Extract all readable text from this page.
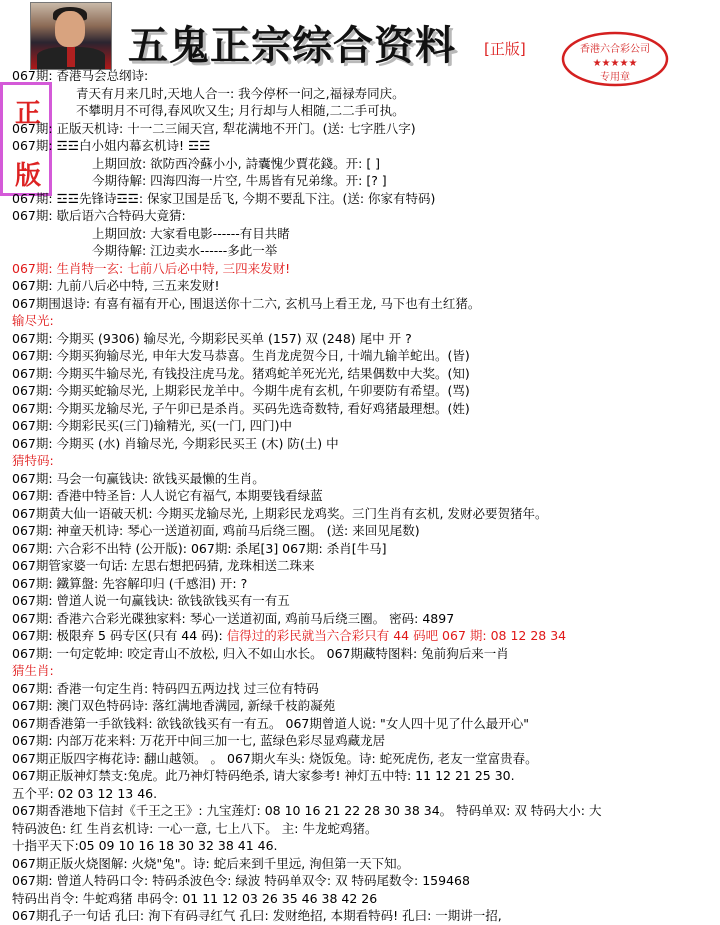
五鬼正宗综合资料 [正版]	香港六合彩公司
★★★★★
专用章
正
版
067期: 香港马会总纲诗:
青天有月来几时,天地人合一: 我今停杯一问之,福禄寿同庆。
不攀明月不可得,春风吹又生; 月行却与人相随,二二手可执。
067期: 正版天机诗: 十一二三闹天宫, 犁花满地不开门。(送: 七字胜八字)
067期: ☲☲白小姐内幕玄机诗! ☲☲
上期回放: 欲防西冷蘇小小, 詩囊愧少賈花錢。开: [ ]
今期待解: 四海四海一片空, 牛馬皆有兄弟缘。开: [? ]
067期: ☲☲先锋诗☲☲: 保家卫国是岳飞, 今期不要乱下注。(送: 你家有特码)
067期: 歇后语六合特码大竟猜:
上期回放: 大家看电影------有目共睹
今期待解: 江边卖水------多此一举
067期: 生肖特一玄: 七前八后必中特, 三四来发财!
067期: 九前八后必中特, 三五来发财!
067期围退诗: 有喜有福有开心, 围退送你十二六, 玄机马上看王龙, 马下也有土红猪。
输尽光:
067期: 今期买 (9306) 输尽光, 今期彩民买单 (157) 双 (248) 尾中 开 ?
067期: 今期买狗输尽光, 申年大发马恭喜。生肖龙虎贺今日, 十端九输羊蛇出。(皆)
067期: 今期买牛输尽光, 有钱投注虎马龙。猪鸡蛇羊死光光, 结果偶数中大奖。(知)
067期: 今期买蛇输尽光, 上期彩民龙羊中。今期牛虎有玄机, 午卯要防有希望。(骂)
067期: 今期买龙输尽光, 子午卯已是杀肖。买码先选奇数特, 看好鸡猪最理想。(姓)
067期: 今期彩民买(三门)输精光, 买(一门, 四门)中
067期: 今期买 (水) 肖输尽光, 今期彩民买王 (木) 防(土) 中
猜特码:
067期: 马会一句赢钱诀: 欲钱买最懒的生肖。
067期: 香港中特圣旨: 人人说它有福气, 本期要钱看绿蓝
067期黄大仙一语破天机: 今期买龙输尽光, 上期彩民龙鸡奖。三门生肖有玄机, 发财必要贺猪年。
067期: 神童天机诗: 琴心一送道初面, 鸡前马后绕三圈。 (送: 来回见尾数)
067期: 六合彩不出特 (公开版): 067期: 杀尾[3] 067期: 杀肖[牛马]
067期管家婆一句话: 左思右想把码猜, 龙珠相送二珠来
067期: 鐵算盤: 先容解印归 (千感泪) 开: ?
067期: 曾道人说一句赢钱诀: 欲钱欲钱买有一有五
067期: 香港六合彩光碟独家料: 琴心一送道初面, 鸡前马后绕三圈。 密码: 4897
067期: 极限弃 5 码专区(只有 44 码): 信得过的彩民就当六合彩只有 44 码吧 067 期: 08 12 28 34
067期: 一句定乾坤: 咬定青山不放松, 归入不如山水长。 067期藏特图料: 兔前狗后来一肖
猜生肖:
067期: 香港一句定生肖: 特码四五两边找 过三位有特码
067期: 澳门双色特码诗: 落红满地香满园, 新绿千枝韵凝苑
067期香港第一手欲钱料: 欲钱欲钱买有一有五。 067期曾道人说: "女人四十见了什么最开心"
067期: 内部万花来料: 万花开中间三加一七, 蓝绿色彩尽显鸡藏龙居
067期正版四字梅花诗: 翻山越领。 。 067期火车头: 烧饭兔。诗: 蛇死虎伤, 老友一堂富贵春。
067期正版神灯禁支:兔虎。此乃神灯特码绝杀, 请大家参考! 神灯五中特: 11 12 21 25 30.
五个平: 02 03 12 13 46.
067期香港地下信封《千王之王》: 九宝莲灯: 08 10 16 21 22 28 30 38 34。 特码单双: 双 特码大小: 大
特码波色: 红 生肖玄机诗: 一心一意, 七上八下。 主: 牛龙蛇鸡猪。
十指平天下:05 09 10 16 18 30 32 38 41 46.
067期正版火烧图解: 火烧"兔"。诗: 蛇后来到千里远, 洵但第一天下知。
067期: 曾道人特码口令: 特码杀波色令: 绿波 特码单双令: 双 特码尾数令: 159468
特码出肖令: 牛蛇鸡猪 串码令: 01 11 12 03 26 35 46 38 42 26
067期孔子一句话 孔曰: 洵下有码寻红气 孔曰: 发财绝招, 本期看特码! 孔曰: 一期讲一招,
